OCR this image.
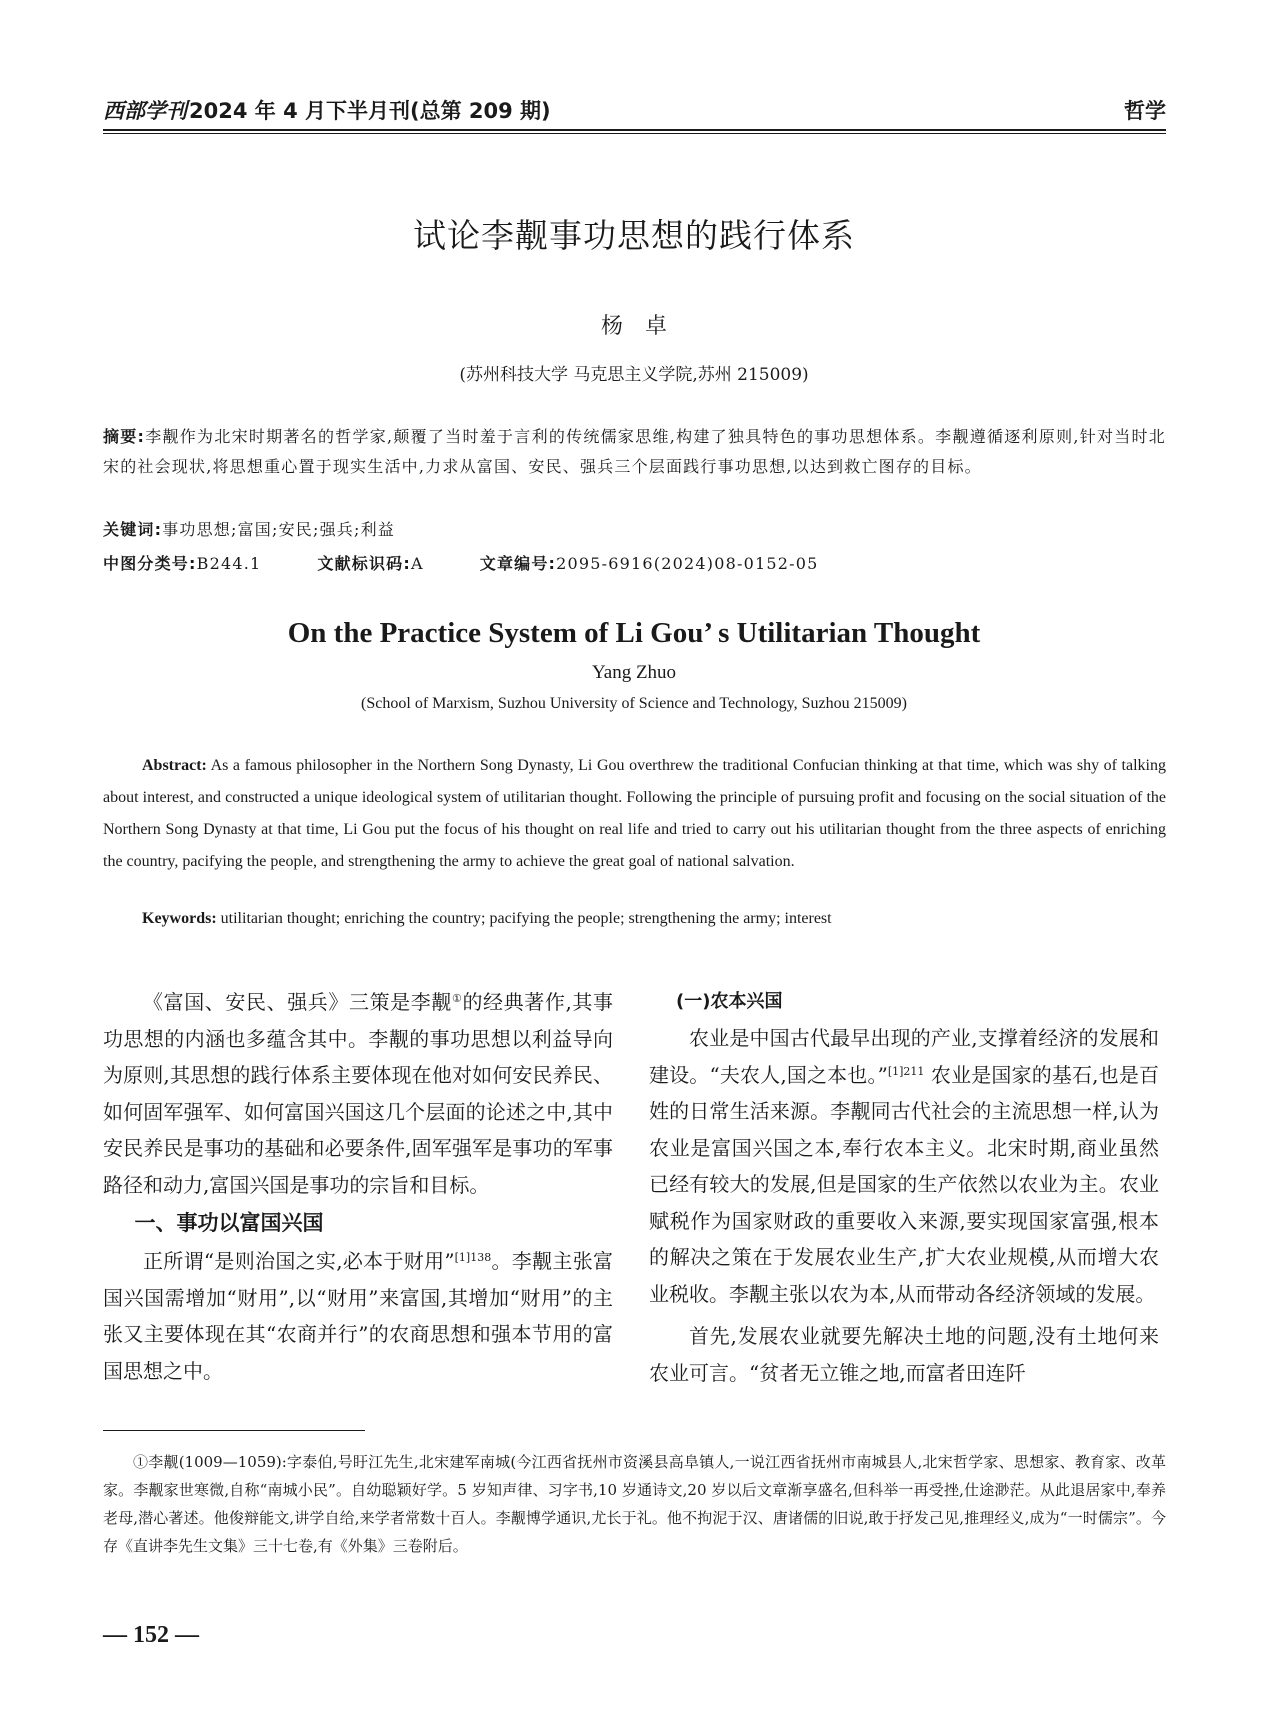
西部学刊2024 年 4 月下半月刊(总第 209 期)	哲学
试论李觏事功思想的践行体系
杨卓
(苏州科技大学 马克思主义学院,苏州 215009)
摘要:李觏作为北宋时期著名的哲学家,颠覆了当时羞于言利的传统儒家思维,构建了独具特色的事功思想体系。李觏遵循逐利原则,针对当时北宋的社会现状,将思想重心置于现实生活中,力求从富国、安民、强兵三个层面践行事功思想,以达到救亡图存的目标。
关键词:事功思想;富国;安民;强兵;利益
中图分类号:B244.1	文献标识码:A	文章编号:2095-6916(2024)08-0152-05
On the Practice System of Li Gou’ s Utilitarian Thought
Yang Zhuo
(School of Marxism, Suzhou University of Science and Technology, Suzhou 215009)
Abstract: As a famous philosopher in the Northern Song Dynasty, Li Gou overthrew the traditional Confucian thinking at that time, which was shy of talking about interest, and constructed a unique ideological system of utilitarian thought. Following the principle of pursuing profit and focusing on the social situation of the Northern Song Dynasty at that time, Li Gou put the focus of his thought on real life and tried to carry out his utilitarian thought from the three aspects of enriching the country, pacifying the people, and strengthening the army to achieve the great goal of national salvation.
Keywords: utilitarian thought; enriching the country; pacifying the people; strengthening the army; interest

《富国、安民、强兵》三策是李觏①的经典著作,其事功思想的内涵也多蕴含其中。李觏的事功思想以利益导向为原则,其思想的践行体系主要体现在他对如何安民养民、如何固军强军、如何富国兴国这几个层面的论述之中,其中安民养民是事功的基础和必要条件,固军强军是事功的军事路径和动力,富国兴国是事功的宗旨和目标。

一、事功以富国兴国

正所谓“是则治国之实,必本于财用”$^{[1]138}$。李觏主张富国兴国需增加“财用”,以“财用”来富国,其增加“财用”的主张又主要体现在其“农商并行”的农商思想和强本节用的富国思想之中。

(一)农本兴国

农业是中国古代最早出现的产业,支撑着经济的发展和建设。“夫农人,国之本也。”$^{[1]211}$ 农业是国家的基石,也是百姓的日常生活来源。李觏同古代社会的主流思想一样,认为农业是富国兴国之本,奉行农本主义。北宋时期,商业虽然已经有较大的发展,但是国家的生产依然以农业为主。农业赋税作为国家财政的重要收入来源,要实现国家富强,根本的解决之策在于发展农业生产,扩大农业规模,从而增大农业税收。李觏主张以农为本,从而带动各经济领域的发展。

首先,发展农业就要先解决土地的问题,没有土地何来农业可言。“贫者无立锥之地,而富者田连阡

①李觏(1009—1059):字泰伯,号盱江先生,北宋建军南城(今江西省抚州市资溪县高阜镇人,一说江西省抚州市南城县人,北宋哲学家、思想家、教育家、改革家。李觏家世寒微,自称“南城小民”。自幼聪颖好学。5 岁知声律、习字书,10 岁通诗文,20 岁以后文章渐享盛名,但科举一再受挫,仕途渺茫。从此退居家中,奉养老母,潜心著述。他俊辩能文,讲学自给,来学者常数十百人。李觏博学通识,尤长于礼。他不拘泥于汉、唐诸儒的旧说,敢于抒发己见,推理经义,成为“一时儒宗”。今存《直讲李先生文集》三十七卷,有《外集》三卷附后。
— 152 —
